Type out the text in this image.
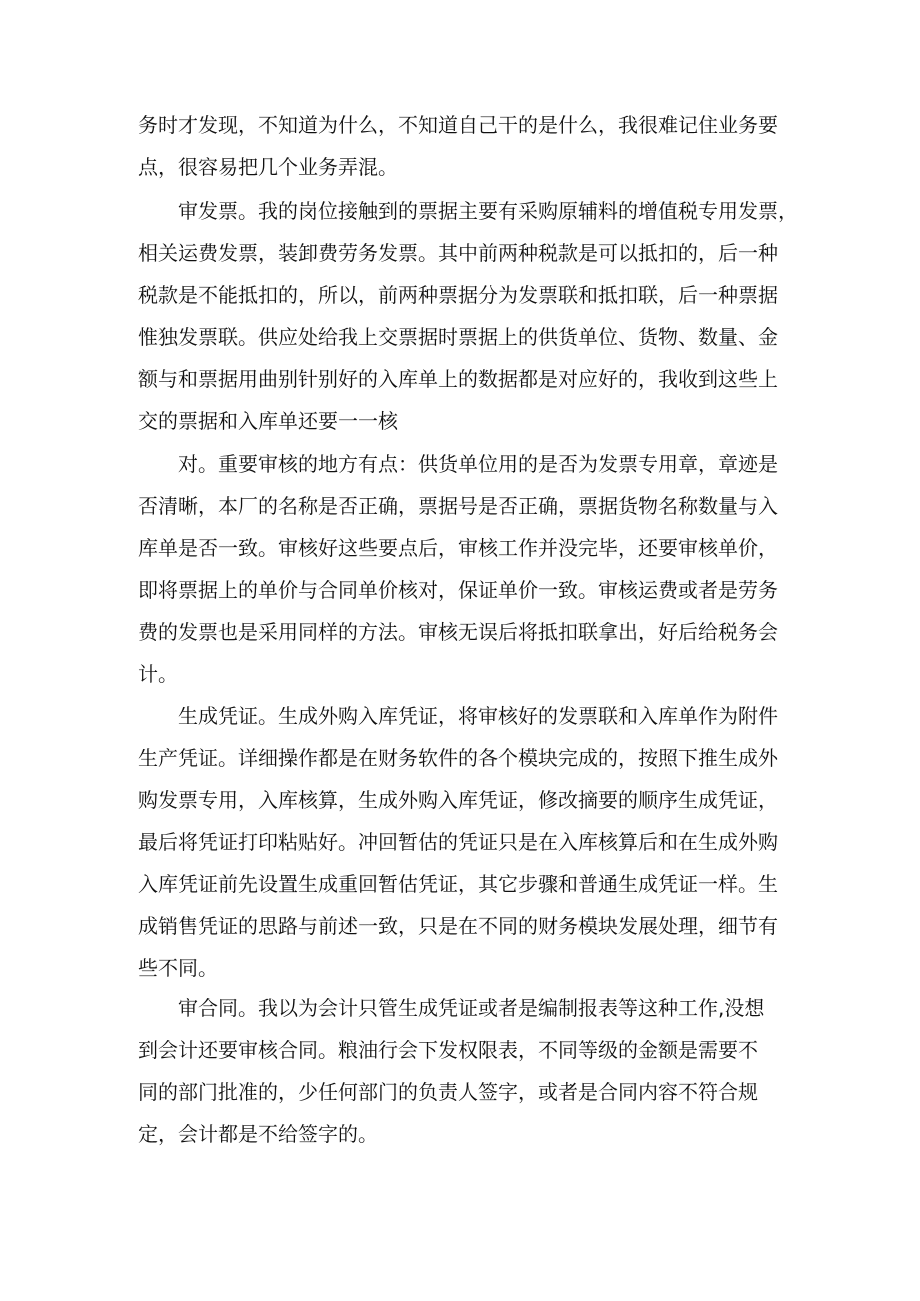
务时才发现，不知道为什么，不知道自己干的是什么，我很难记住业务要
点，很容易把几个业务弄混。
审发票。我的岗位接触到的票据主要有采购原辅料的增值税专用发票，
相关运费发票，装卸费劳务发票。其中前两种税款是可以抵扣的，后一种
税款是不能抵扣的，所以，前两种票据分为发票联和抵扣联，后一种票据
惟独发票联。供应处给我上交票据时票据上的供货单位、货物、数量、金
额与和票据用曲别针别好的入库单上的数据都是对应好的，我收到这些上
交的票据和入库单还要一一核
对。重要审核的地方有点：供货单位用的是否为发票专用章，章迹是
否清晰，本厂的名称是否正确，票据号是否正确，票据货物名称数量与入
库单是否一致。审核好这些要点后，审核工作并没完毕，还要审核单价，
即将票据上的单价与合同单价核对，保证单价一致。审核运费或者是劳务
费的发票也是采用同样的方法。审核无误后将抵扣联拿出，好后给税务会
计。
生成凭证。生成外购入库凭证，将审核好的发票联和入库单作为附件
生产凭证。详细操作都是在财务软件的各个模块完成的，按照下推生成外
购发票专用，入库核算，生成外购入库凭证，修改摘要的顺序生成凭证，
最后将凭证打印粘贴好。冲回暂估的凭证只是在入库核算后和在生成外购
入库凭证前先设置生成重回暂估凭证，其它步骤和普通生成凭证一样。生
成销售凭证的思路与前述一致，只是在不同的财务模块发展处理，细节有
些不同。
审合同。我以为会计只管生成凭证或者是编制报表等这种工作,没想
到会计还要审核合同。粮油行会下发权限表，不同等级的金额是需要不
同的部门批准的，少任何部门的负责人签字，或者是合同内容不符合规
定，会计都是不给签字的。
